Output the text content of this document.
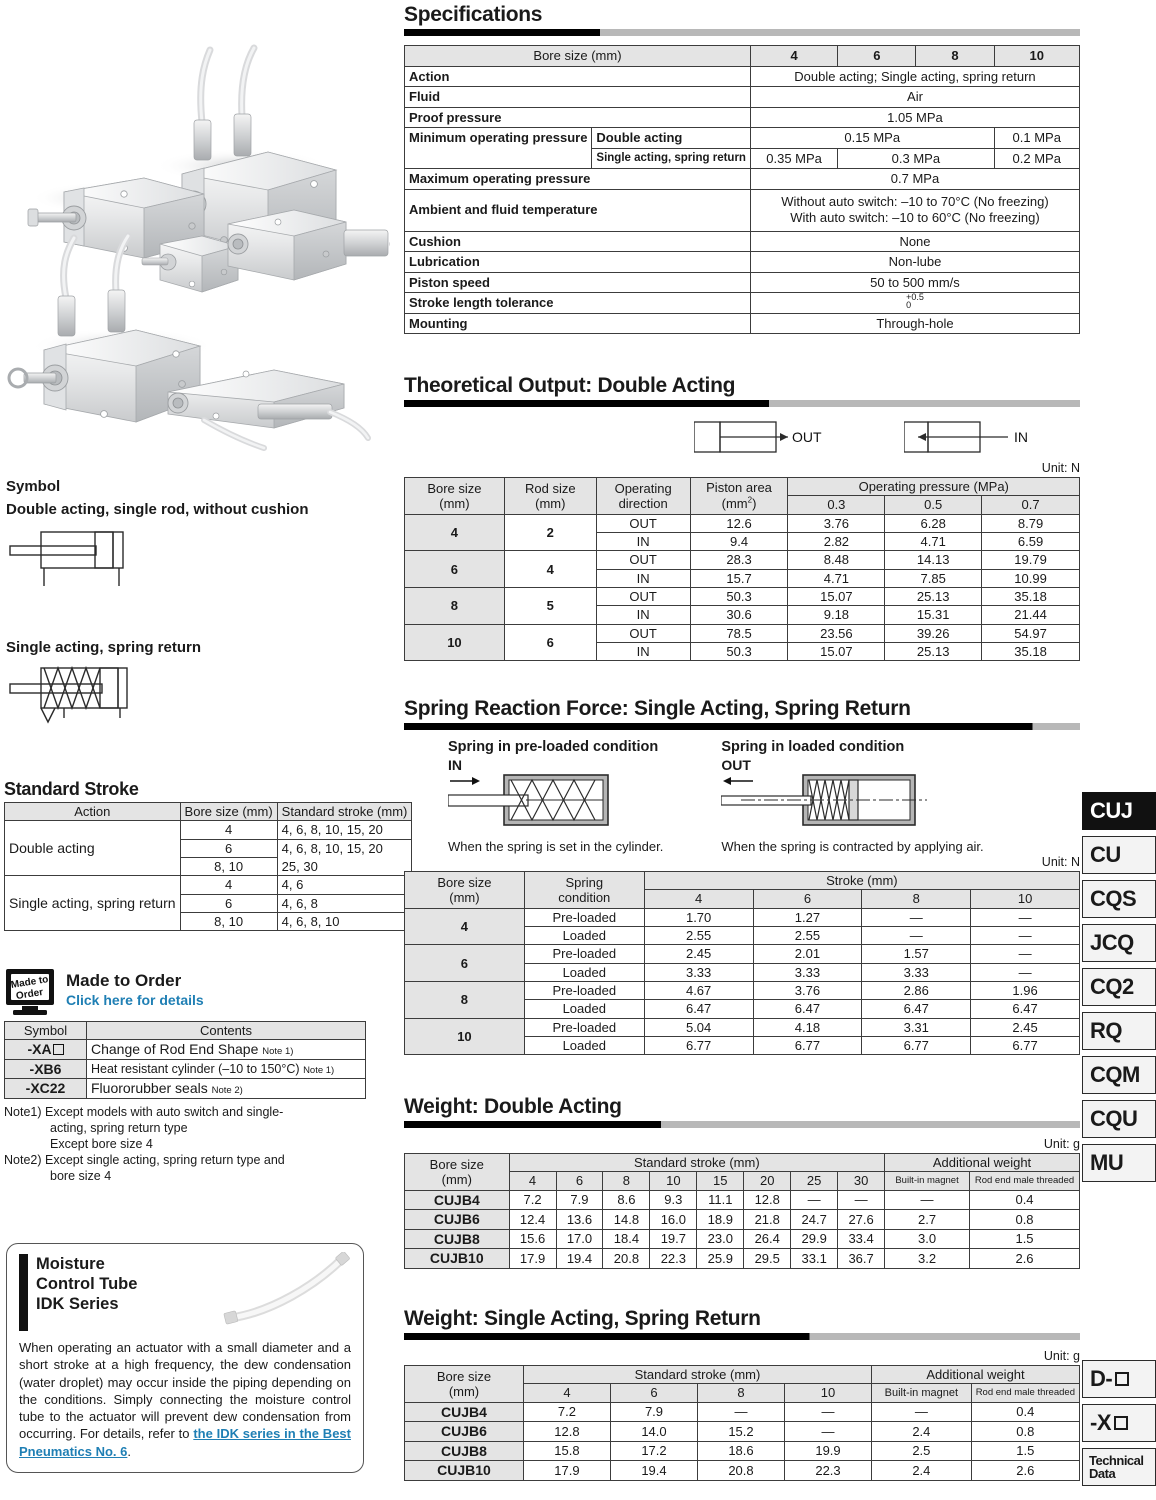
Symbol
Double acting, single rod, without cushion
Single acting, spring return
Standard Stroke
Action	Bore size (mm)	Standard stroke (mm)
Double acting	4	4, 6, 8, 10, 15, 20
	6	4, 6, 8, 10, 15, 20
	8, 10	25, 30
Single acting, spring return	4	4, 6
	6	4, 6, 8
	8, 10	4, 6, 8, 10
Made to
Order
Made to Order
Click here for details
Symbol	Contents
-XA	Change of Rod End Shape Note 1)
-XB6	Heat resistant cylinder (–10 to 150°C) Note 1)
-XC22	Fluororubber seals Note 2)
Note1) Except models with auto switch and single-
acting, spring return type
Except bore size 4
Note2) Except single acting, spring return type and
bore size 4
Moisture
Control Tube
IDK Series
When operating an actuator with a small diameter and a short stroke at a high frequency, the dew condensation (water droplet) may occur inside the piping depending on the conditions. Simply connecting the moisture control tube to the actuator will prevent dew condensation from occurring. For details, refer to the IDK series in the Best Pneumatics No. 6.
Specifications
Bore size (mm)		4	6	8	10
Action		Double acting; Single acting, spring return			
Fluid		Air			
Proof pressure		1.05 MPa			
Minimum operating pressure	Double acting	0.15 MPa			0.1 MPa
	Single acting, spring return	0.35 MPa	0.3 MPa		0.2 MPa
Maximum operating pressure		0.7 MPa			
Ambient and fluid temperature		Without auto switch: –10 to 70°C (No freezing)
With auto switch: –10 to 60°C (No freezing)			
Cushion		None			
Lubrication		Non-lube			
Piston speed		50 to 500 mm/s			
Stroke length tolerance		+0.5
0			
Mounting		Through-hole			
Theoretical Output: Double Acting
OUT	IN
Unit: N
Bore size
(mm)	Rod size
(mm)	Operating
direction	Piston area
$(mm^2)$	Operating pressure (MPa)		
				0.3	0.5	0.7
4	2	OUT	12.6	3.76	6.28	8.79
		IN	9.4	2.82	4.71	6.59
6	4	OUT	28.3	8.48	14.13	19.79
		IN	15.7	4.71	7.85	10.99
8	5	OUT	50.3	15.07	25.13	35.18
		IN	30.6	9.18	15.31	21.44
10	6	OUT	78.5	23.56	39.26	54.97
		IN	50.3	15.07	25.13	35.18
Spring Reaction Force: Single Acting, Spring Return
Spring in pre-loaded condition
IN
When the spring is set in the cylinder.
Spring in loaded condition
OUT
When the spring is contracted by applying air.
Unit: N
Bore size
(mm)	Spring
condition	Stroke (mm)			
		4	6	8	10
4	Pre-loaded	1.70	1.27	—	—
	Loaded	2.55	2.55	—	—
6	Pre-loaded	2.45	2.01	1.57	—
	Loaded	3.33	3.33	3.33	—
8	Pre-loaded	4.67	3.76	2.86	1.96
	Loaded	6.47	6.47	6.47	6.47
10	Pre-loaded	5.04	4.18	3.31	2.45
	Loaded	6.77	6.77	6.77	6.77
Weight: Double Acting
Unit: g
Bore size
(mm)	Standard stroke (mm)								Additional weight	
	4	6	8	10	15	20	25	30	Built-in magnet	Rod end male threaded
CUJB4	7.2	7.9	8.6	9.3	11.1	12.8	—	—	—	0.4
CUJB6	12.4	13.6	14.8	16.0	18.9	21.8	24.7	27.6	2.7	0.8
CUJB8	15.6	17.0	18.4	19.7	23.0	26.4	29.9	33.4	3.0	1.5
CUJB10	17.9	19.4	20.8	22.3	25.9	29.5	33.1	36.7	3.2	2.6
Weight: Single Acting, Spring Return
Unit: g
Bore size
(mm)	Standard stroke (mm)				Additional weight	
	4	6	8	10	Built-in magnet	Rod end male threaded
CUJB4	7.2	7.9	—	—	—	0.4
CUJB6	12.8	14.0	15.2	—	2.4	0.8
CUJB8	15.8	17.2	18.6	19.9	2.5	1.5
CUJB10	17.9	19.4	20.8	22.3	2.4	2.6
CUJ
CU
CQS
JCQ
CQ2
RQ
CQM
CQU
MU
D-
-X
Technical
Data
